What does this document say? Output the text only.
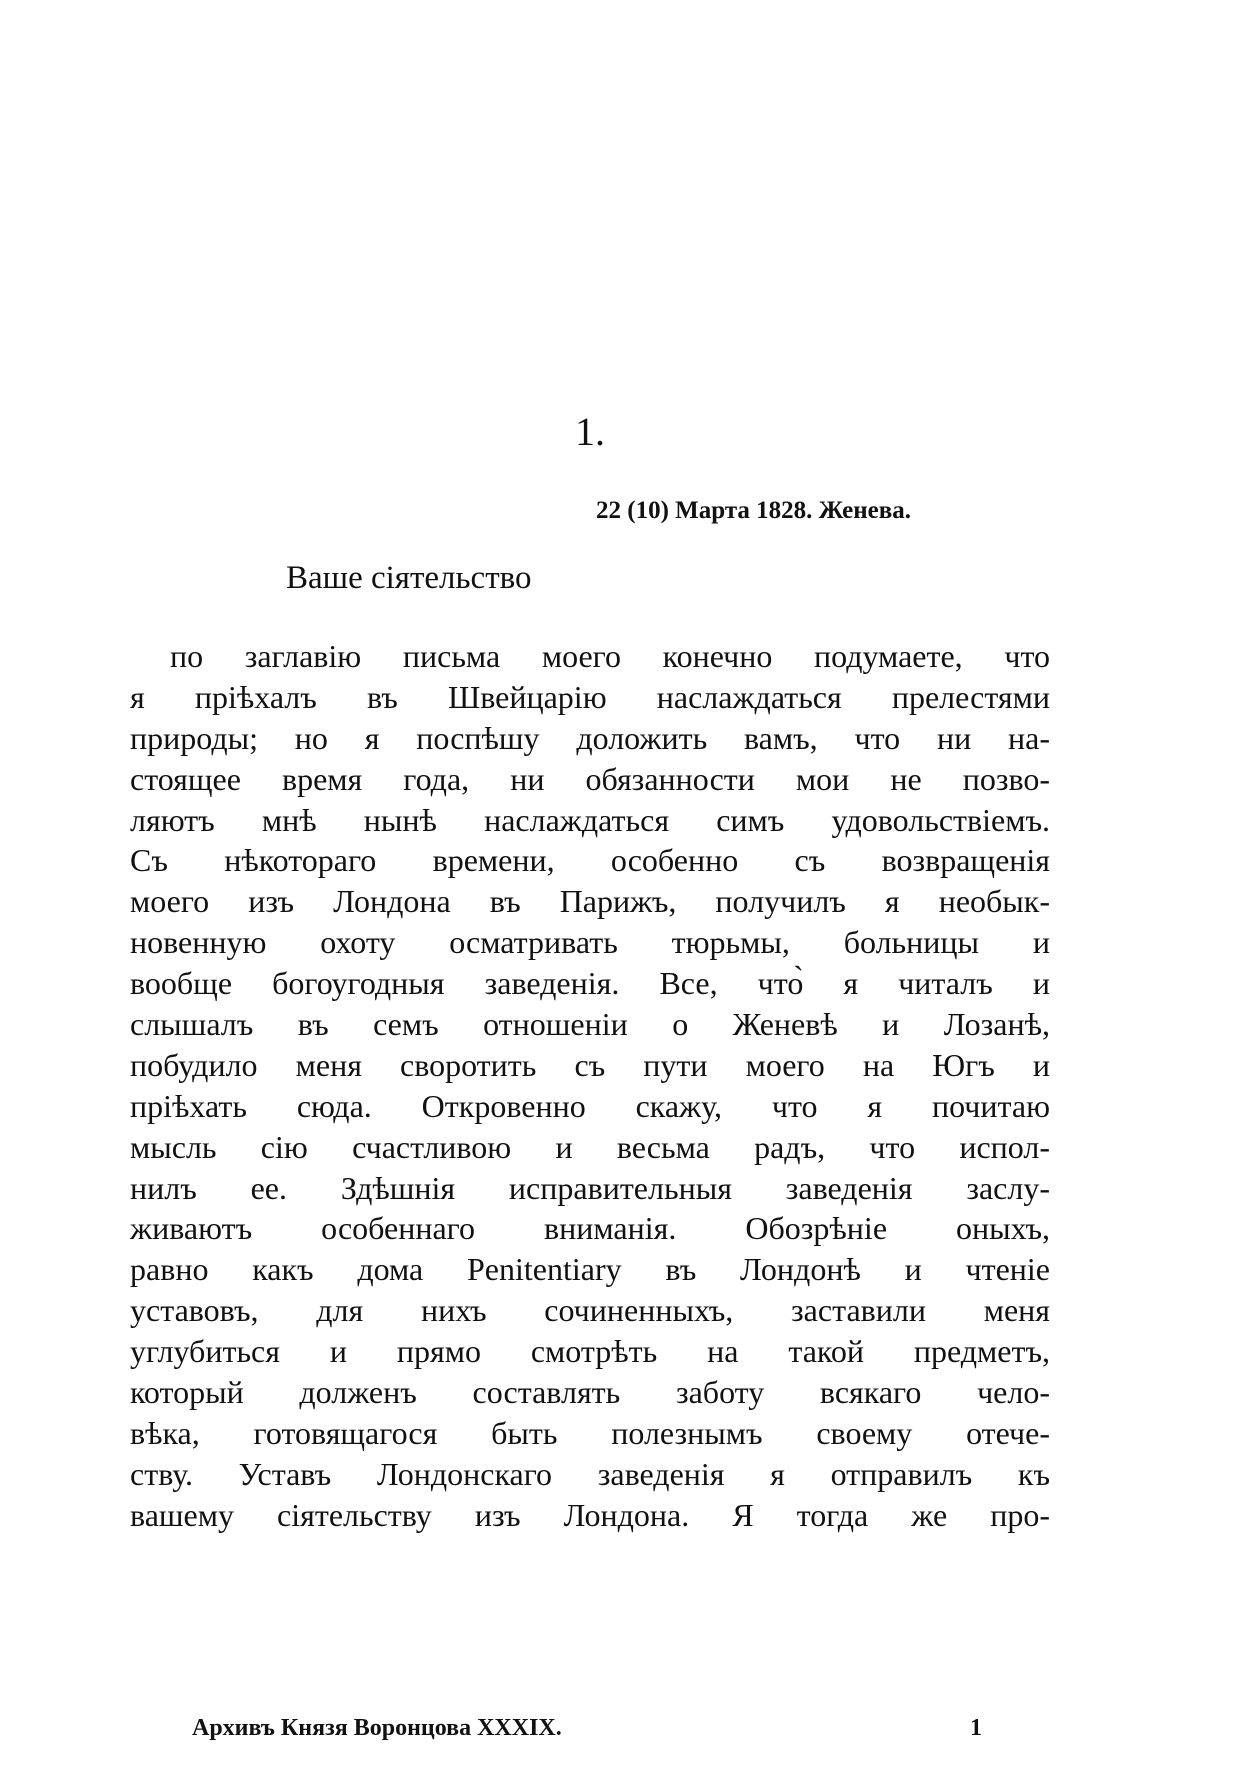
1.
22 (10) Марта 1828. Женева.
Ваше сіятельство
по заглавію письма моего конечно подумаете, что
я пріѣхалъ въ Швейцарію наслаждаться прелестями
природы; но я поспѣшу доложить вамъ, что ни на-
стоящее время года, ни обязанности мои не позво-
ляютъ мнѣ нынѣ наслаждаться симъ удовольствіемъ.
Съ нѣкотораго времени, особенно съ возвращенія
моего изъ Лондона въ Парижъ, получилъ я необык-
новенную охоту осматривать тюрьмы, больницы и
вообще богоугодныя заведенія. Все, что̀ я читалъ и
слышалъ въ семъ отношеніи о Женевѣ и Лозанѣ,
побудило меня своротить съ пути моего на Югъ и
пріѣхать сюда. Откровенно скажу, что я почитаю
мысль сію счастливою и весьма радъ, что испол-
нилъ ее. Здѣшнія исправительныя заведенія заслу-
живаютъ особеннаго вниманія. Обозрѣніе оныхъ,
равно какъ дома Penitentiary въ Лондонѣ и чтеніе
уставовъ, для нихъ сочиненныхъ, заставили меня
углубиться и прямо смотрѣть на такой предметъ,
который долженъ составлять заботу всякаго чело-
вѣка, готовящагося быть полезнымъ своему отече-
ству. Уставъ Лондонскаго заведенія я отправилъ къ
вашему сіятельству изъ Лондона. Я тогда же про-
Архивъ Князя Воронцова XXXIX.	1
